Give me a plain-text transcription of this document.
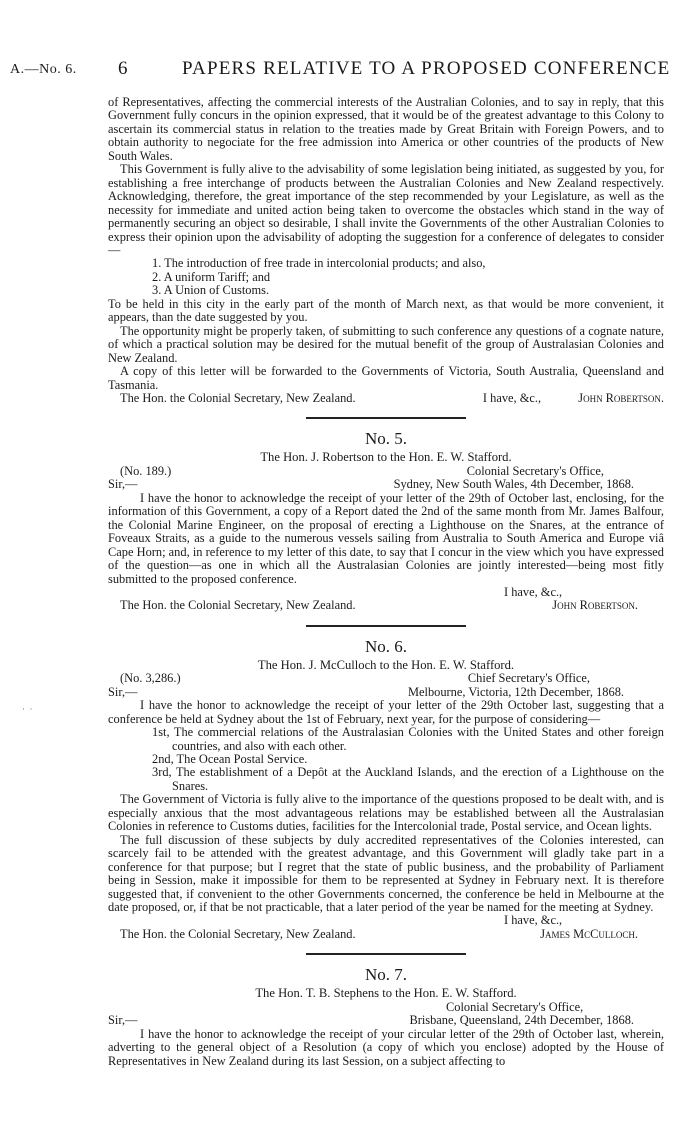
A.—No. 6. 6	PAPERS RELATIVE TO A PROPOSED CONFERENCE
·  ·

of Representatives, affecting the commercial interests of the Australian Colonies, and to say in reply, that this Government fully concurs in the opinion expressed, that it would be of the greatest advantage to this Colony to ascertain its commercial status in relation to the treaties made by Great Britain with Foreign Powers, and to obtain authority to negociate for the free admission into America or other countries of the products of New South Wales.

This Government is fully alive to the advisability of some legislation being initiated, as suggested by you, for establishing a free interchange of products between the Australian Colonies and New Zealand respectively. Acknowledging, therefore, the great importance of the step recommended by your Legislature, as well as the necessity for immediate and united action being taken to overcome the obstacles which stand in the way of permanently securing an object so desirable, I shall invite the Governments of the other Australian Colonies to express their opinion upon the advisability of adopting the suggestion for a conference of delegates to consider—

1. The introduction of free trade in intercolonial products; and also,

2. A uniform Tariff; and

3. A Union of Customs.

To be held in this city in the early part of the month of March next, as that would be more convenient, it appears, than the date suggested by you.

The opportunity might be properly taken, of submitting to such conference any questions of a cognate nature, of which a practical solution may be desired for the mutual benefit of the group of Australasian Colonies and New Zealand.

A copy of this letter will be forwarded to the Governments of Victoria, South Australia, Queensland and Tasmania.

The Hon. the Colonial Secretary, New Zealand.	I have, &c.,	John Robertson.
No. 5.
The Hon. J. Robertson to the Hon. E. W. Stafford.
(No. 189.)	Colonial Secretary's Office,
Sir,—	Sydney, New South Wales, 4th December, 1868.

I have the honor to acknowledge the receipt of your letter of the 29th of October last, enclosing, for the information of this Government, a copy of a Report dated the 2nd of the same month from Mr. James Balfour, the Colonial Marine Engineer, on the proposal of erecting a Lighthouse on the Snares, at the entrance of Foveaux Straits, as a guide to the numerous vessels sailing from Australia to South America and Europe viâ Cape Horn; and, in reference to my letter of this date, to say that I concur in the view which you have expressed of the question—as one in which all the Australasian Colonies are jointly interested—being most fitly submitted to the proposed conference.

I have, &c.,
The Hon. the Colonial Secretary, New Zealand.	John Robertson.
No. 6.
The Hon. J. McCulloch to the Hon. E. W. Stafford.
(No. 3,286.)	Chief Secretary's Office,
Sir,—	Melbourne, Victoria, 12th December, 1868.

I have the honor to acknowledge the receipt of your letter of the 29th October last, suggesting that a conference be held at Sydney about the 1st of February, next year, for the purpose of considering—

1st, The commercial relations of the Australasian Colonies with the United States and other foreign countries, and also with each other.

2nd, The Ocean Postal Service.

3rd, The establishment of a Depôt at the Auckland Islands, and the erection of a Lighthouse on the Snares.

The Government of Victoria is fully alive to the importance of the questions proposed to be dealt with, and is especially anxious that the most advantageous relations may be established between all the Australasian Colonies in reference to Customs duties, facilities for the Intercolonial trade, Postal service, and Ocean lights.

The full discussion of these subjects by duly accredited representatives of the Colonies interested, can scarcely fail to be attended with the greatest advantage, and this Government will gladly take part in a conference for that purpose; but I regret that the state of public business, and the probability of Parliament being in Session, make it impossible for them to be represented at Sydney in February next. It is therefore suggested that, if convenient to the other Governments concerned, the conference be held in Melbourne at the date proposed, or, if that be not practicable, that a later period of the year be named for the meeting at Sydney.

I have, &c.,
The Hon. the Colonial Secretary, New Zealand.	James McCulloch.
No. 7.
The Hon. T. B. Stephens to the Hon. E. W. Stafford.
Colonial Secretary's Office,
Sir,—	Brisbane, Queensland, 24th December, 1868.

I have the honor to acknowledge the receipt of your circular letter of the 29th of October last, wherein, adverting to the general object of a Resolution (a copy of which you enclose) adopted by the House of Representatives in New Zealand during its last Session, on a subject affecting to
